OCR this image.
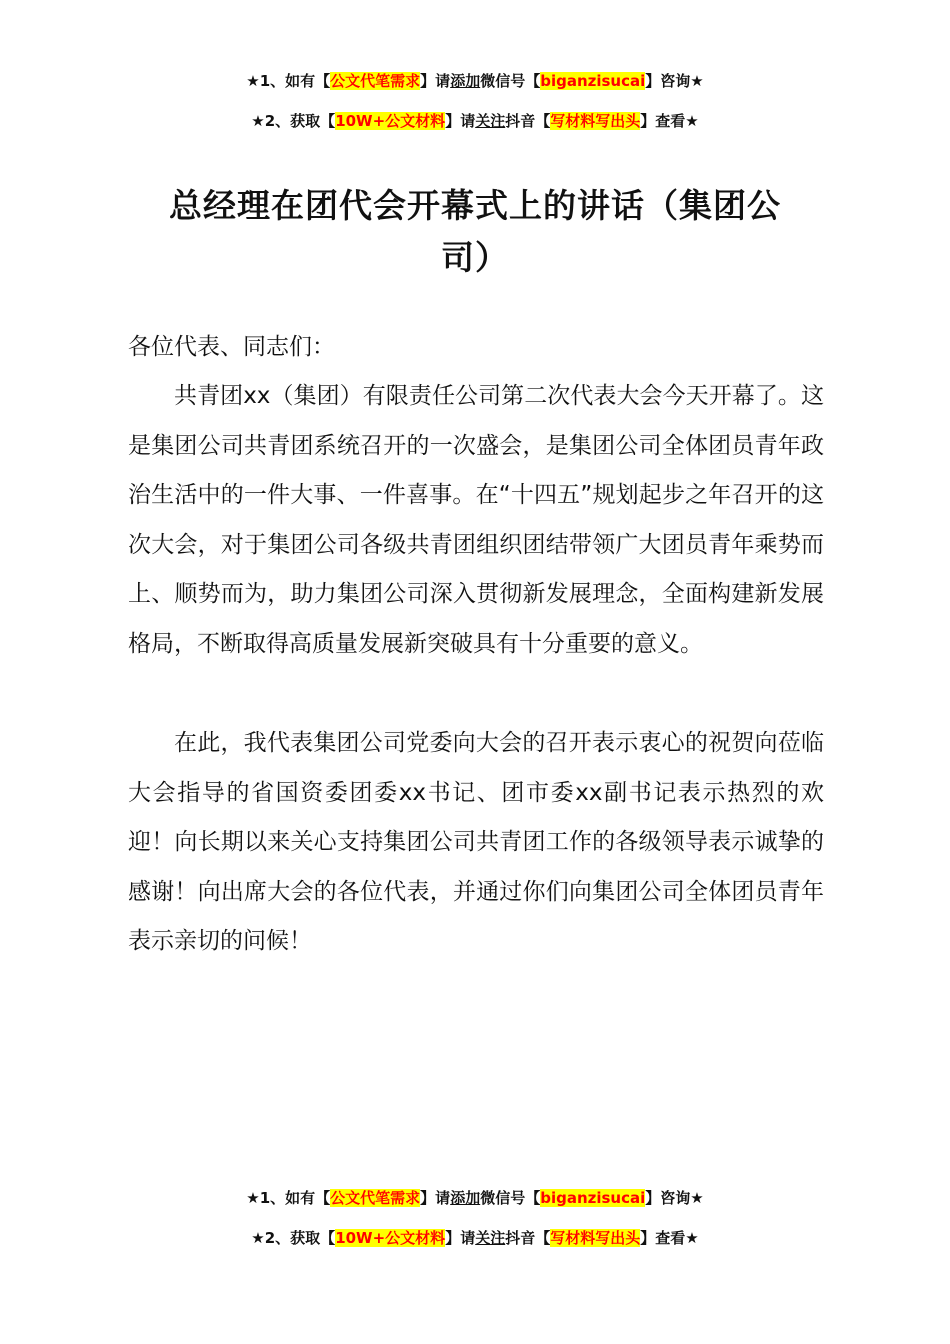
★1、如有【公文代笔需求】请添加微信号【biganzisucai】咨询★
★2、获取【10W+公文材料】请关注抖音【写材料写出头】查看★
总经理在团代会开幕式上的讲话（集团公司）
各位代表、同志们：
共青团xx（集团）有限责任公司第二次代表大会今天开幕了。这是集团公司共青团系统召开的一次盛会，是集团公司全体团员青年政治生活中的一件大事、一件喜事。在“十四五”规划起步之年召开的这次大会，对于集团公司各级共青团组织团结带领广大团员青年乘势而上、顺势而为，助力集团公司深入贯彻新发展理念，全面构建新发展格局，不断取得高质量发展新突破具有十分重要的意义。
在此，我代表集团公司党委向大会的召开表示衷心的祝贺向莅临大会指导的省国资委团委xx书记、团市委xx副书记表示热烈的欢迎！向长期以来关心支持集团公司共青团工作的各级领导表示诚挚的感谢！向出席大会的各位代表，并通过你们向集团公司全体团员青年表示亲切的问候！
★1、如有【公文代笔需求】请添加微信号【biganzisucai】咨询★
★2、获取【10W+公文材料】请关注抖音【写材料写出头】查看★
